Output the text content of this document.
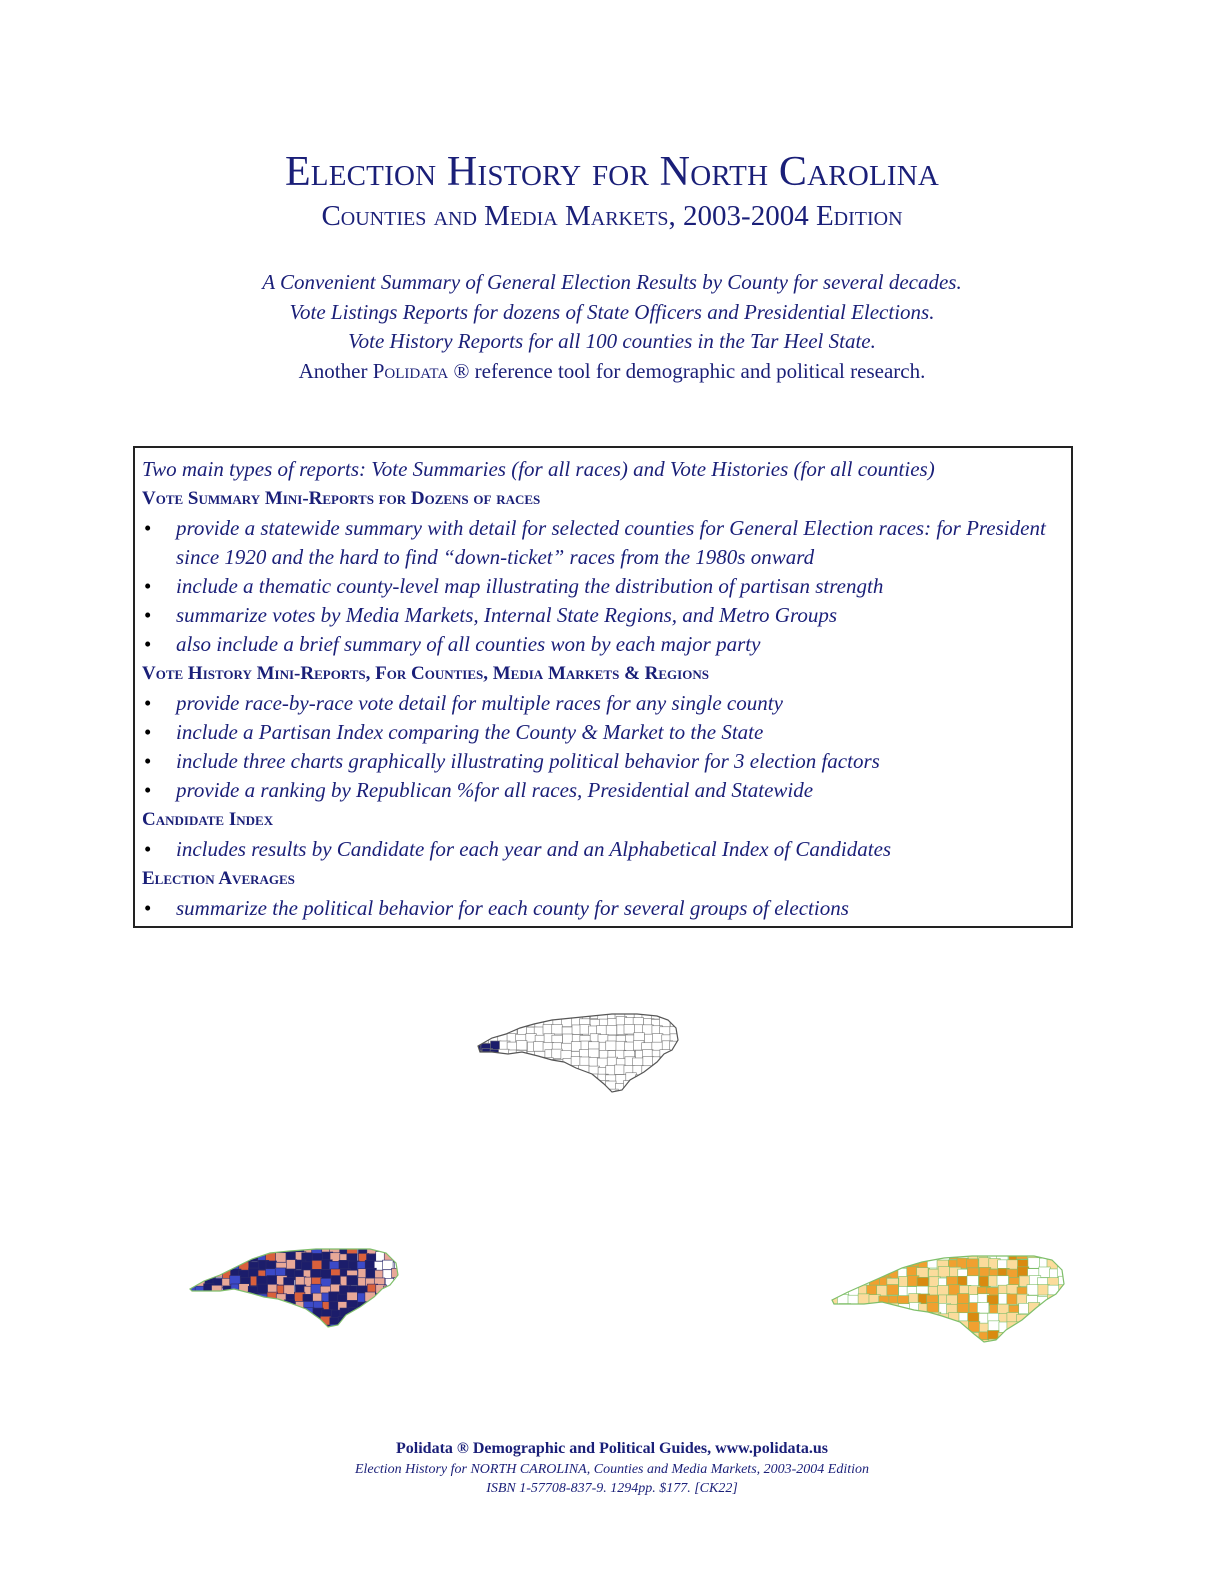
Election History for North Carolina
Counties and Media Markets, 2003-2004 Edition
A Convenient Summary of General Election Results by County for several decades.
Vote Listings Reports for dozens of State Officers and Presidential Elections.
Vote History Reports for all 100 counties in the Tar Heel State.
Another Polidata ® reference tool for demographic and political research.
Two main types of reports: Vote Summaries (for all races) and Vote Histories (for all counties)
Vote Summary Mini-Reports for Dozens of races
• provide a statewide summary with detail for selected counties for General Election races: for President since 1920 and the hard to find “down-ticket” races from the 1980s onward
• include a thematic county-level map illustrating the distribution of partisan strength
• summarize votes by Media Markets, Internal State Regions, and Metro Groups
• also include a brief summary of all counties won by each major party
Vote History Mini-Reports, For Counties, Media Markets & Regions
• provide race-by-race vote detail for multiple races for any single county
• include a Partisan Index comparing the County & Market to the State
• include three charts graphically illustrating political behavior for 3 election factors
• provide a ranking by Republican %for all races, Presidential and Statewide
Candidate Index
• includes results by Candidate for each year and an Alphabetical Index of Candidates
Election Averages
• summarize the political behavior for each county for several groups of elections
Polidata ® Demographic and Political Guides, www.polidata.us
Election History for NORTH CAROLINA, Counties and Media Markets, 2003-2004 Edition
ISBN 1-57708-837-9. 1294pp. $177. [CK22]
